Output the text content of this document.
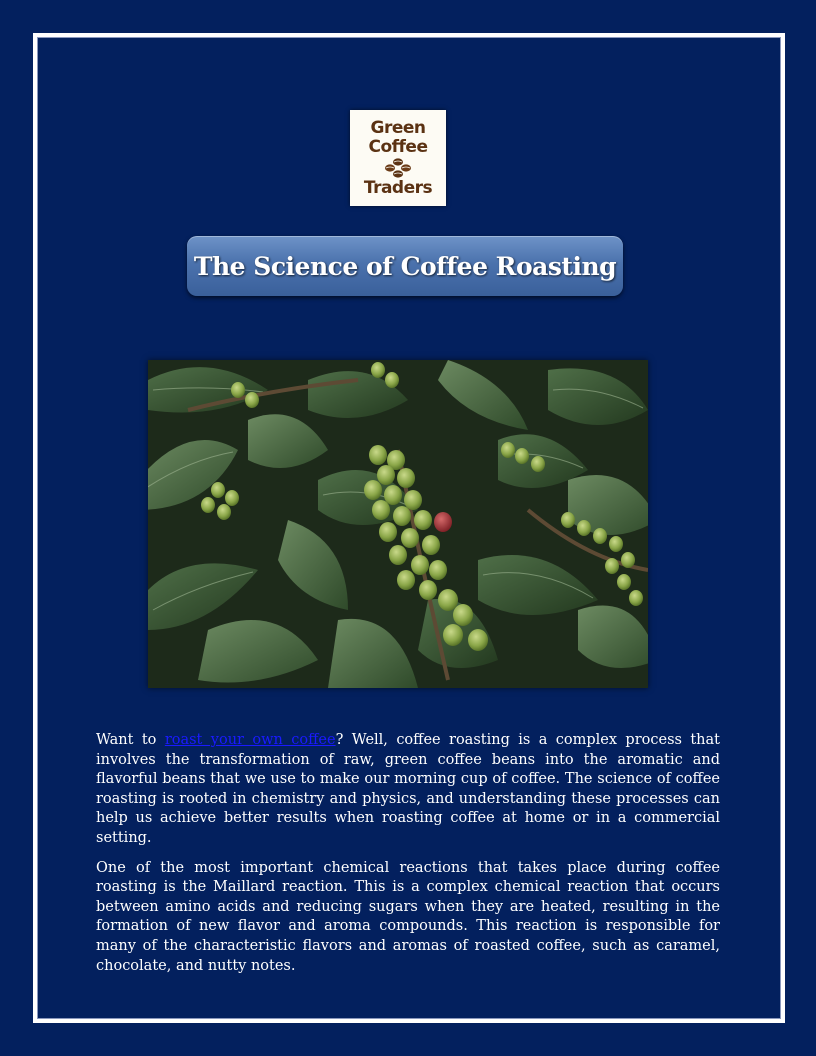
Green
Coffee
Traders
The Science of Coffee Roasting

Want to roast your own coffee? Well, coffee roasting is a complex process that involves the transformation of raw, green coffee beans into the aromatic and flavorful beans that we use to make our morning cup of coffee. The science of coffee roasting is rooted in chemistry and physics, and understanding these processes can help us achieve better results when roasting coffee at home or in a commercial setting.

One of the most important chemical reactions that takes place during coffee roasting is the Maillard reaction. This is a complex chemical reaction that occurs between amino acids and reducing sugars when they are heated, resulting in the formation of new flavor and aroma compounds. This reaction is responsible for many of the characteristic flavors and aromas of roasted coffee, such as caramel, chocolate, and nutty notes.
